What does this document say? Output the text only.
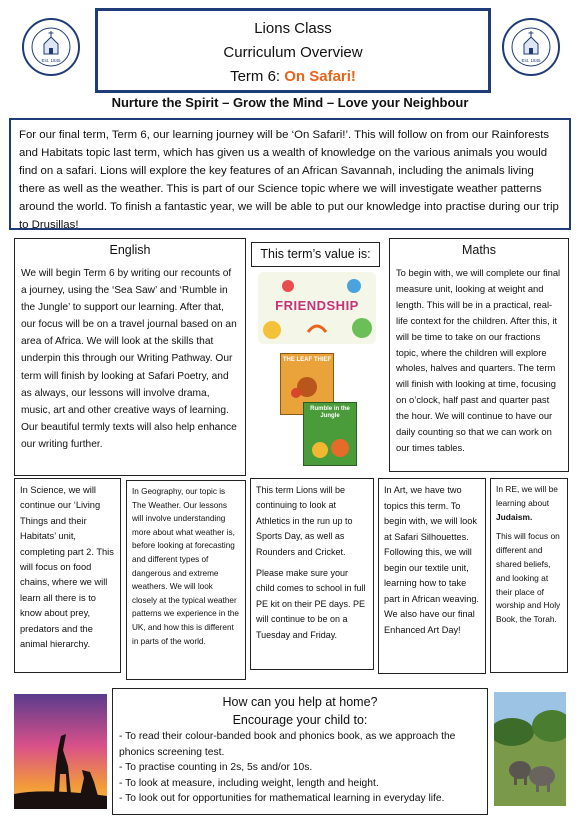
Est. 1845	Est. 1845
Lions Class
Curriculum Overview
Term 6: On Safari!
Nurture the Spirit – Grow the Mind – Love your Neighbour
For our final term, Term 6, our learning journey will be ‘On Safari!’. This will follow on from our Rainforests and Habitats topic last term, which has given us a wealth of knowledge on the various animals you would find on a safari. Lions will explore the key features of an African Savannah, including the animals living there as well as the weather. This is part of our Science topic where we will investigate weather patterns around the world. To finish a fantastic year, we will be able to put our knowledge into practise during our trip to Drusillas!
English
We will begin Term 6 by writing our recounts of a journey, using the ‘Sea Saw’ and ‘Rumble in the Jungle’ to support our learning. After that, our focus will be on a travel journal based on an area of Africa. We will look at the skills that underpin this through our Writing Pathway. Our term will finish by looking at Safari Poetry, and as always, our lessons will involve drama, music, art and other creative ways of learning. Our beautiful termly texts will also help enhance our writing further.
This term’s value is:
FRIENDSHIP
THE LEAF THIEF
Rumble in the Jungle
Maths
To begin with, we will complete our final measure unit, looking at weight and length. This will be in a practical, real-life context for the children. After this, it will be time to take on our fractions topic, where the children will explore wholes, halves and quarters. The term will finish with looking at time, focusing on o’clock, half past and quarter past the hour. We will continue to have our daily counting so that we can work on our times tables.
In Science, we will continue our ‘Living Things and their Habitats’ unit, completing part 2. This will focus on food chains, where we will learn all there is to know about prey, predators and the animal hierarchy.
In Geography, our topic is The Weather. Our lessons will involve understanding more about what weather is, before looking at forecasting and different types of dangerous and extreme weathers. We will look closely at the typical weather patterns we experience in the UK, and how this is different in parts of the world.
This term Lions will be continuing to look at Athletics in the run up to Sports Day, as well as Rounders and Cricket.
Please make sure your child comes to school in full PE kit on their PE days. PE will continue to be on a Tuesday and Friday.
In Art, we have two topics this term. To begin with, we will look at Safari Silhouettes. Following this, we will begin our textile unit, learning how to take part in African weaving. We also have our final Enhanced Art Day!
In RE, we will be learning about Judaism.
This will focus on different and shared beliefs, and looking at their place of worship and Holy Book, the Torah.
How can you help at home?
Encourage your child to:
- To read their colour-banded book and phonics book, as we approach the phonics screening test.
- To practise counting in 2s, 5s and/or 10s.
- To look at measure, including weight, length and height.
- To look out for opportunities for mathematical learning in everyday life.
